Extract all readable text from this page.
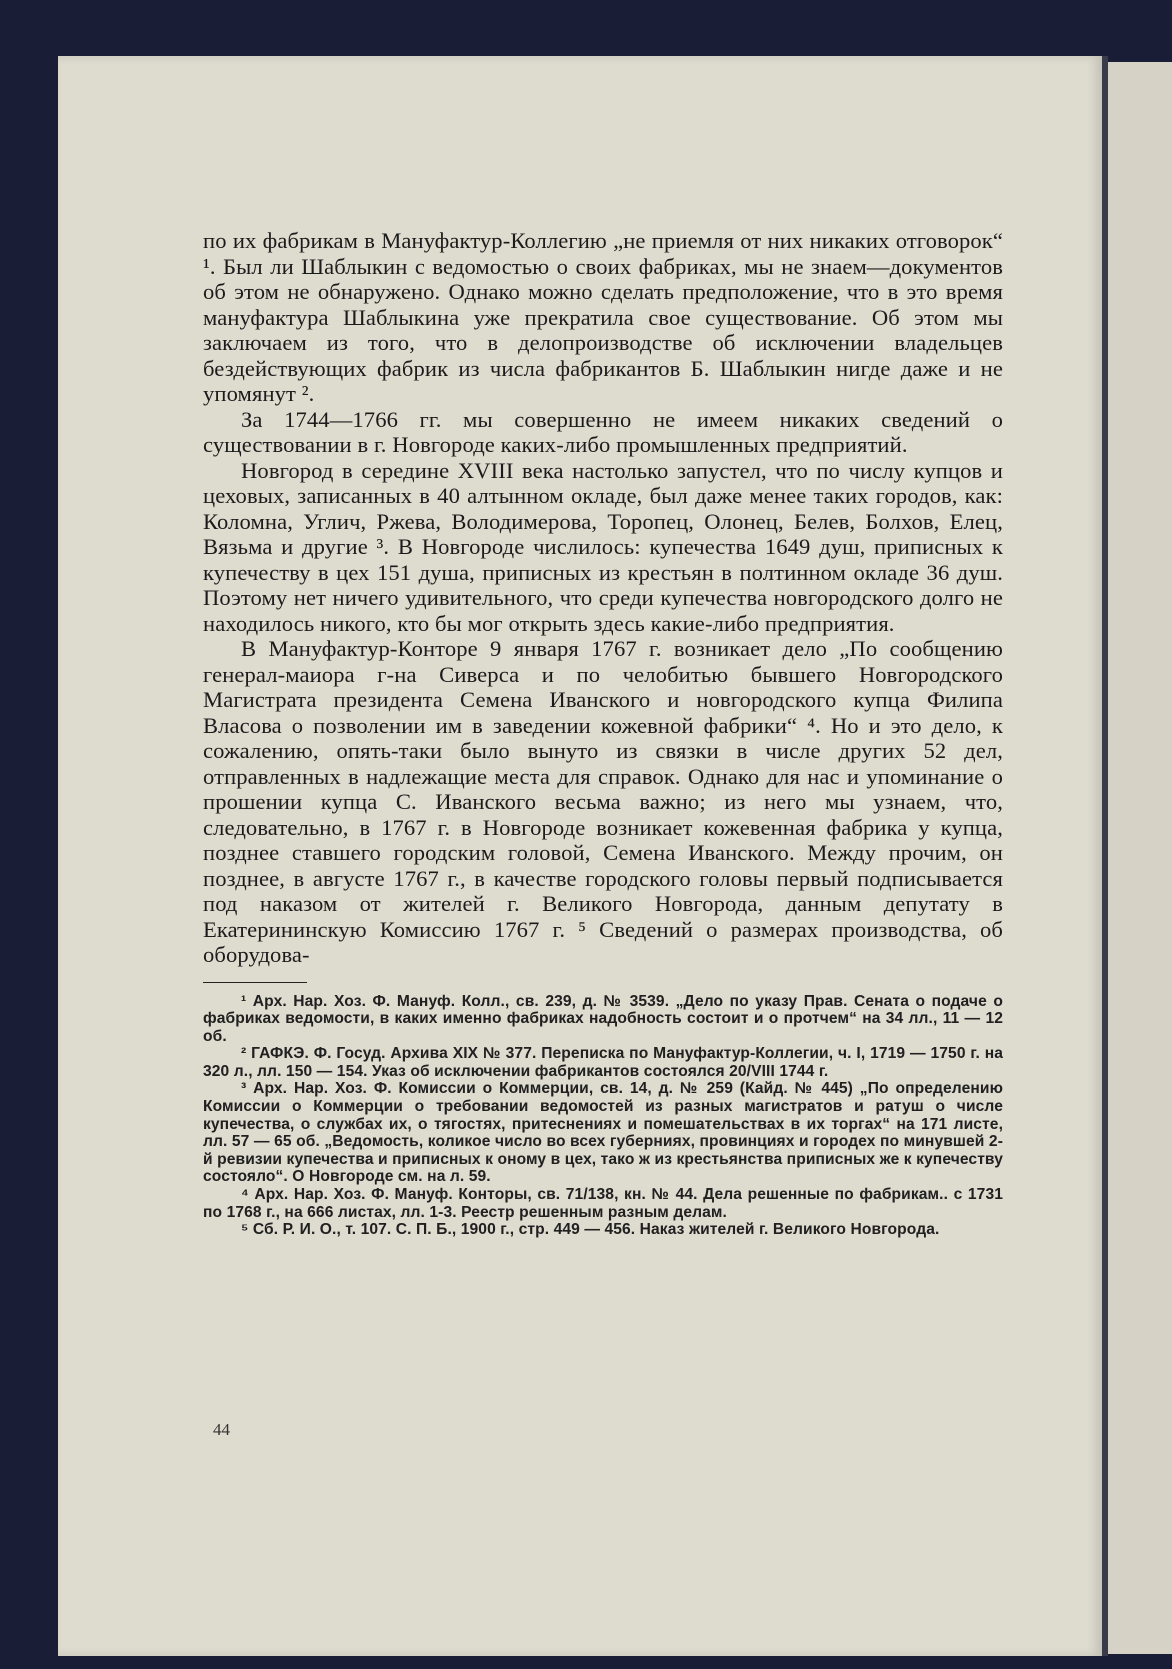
по их фабрикам в Мануфактур-Коллегию „не приемля от них никаких отговорок“ ¹. Был ли Шаблыкин с ведомостью о своих фабриках, мы не знаем—документов об этом не обнаружено. Однако можно сделать предположение, что в это время мануфактура Шаблыкина уже прекратила свое существование. Об этом мы заключаем из того, что в делопроизводстве об исключении владельцев бездействующих фабрик из числа фабрикантов Б. Шаблыкин нигде даже и не упомянут ².

За 1744—1766 гг. мы совершенно не имеем никаких сведений о существовании в г. Новгороде каких-либо промышленных предприятий.

Новгород в середине XVIII века настолько запустел, что по числу купцов и цеховых, записанных в 40 алтынном окладе, был даже менее таких городов, как: Коломна, Углич, Ржева, Володимерова, Торопец, Олонец, Белев, Болхов, Елец, Вязьма и другие ³. В Новгороде числилось: купечества 1649 душ, приписных к купечеству в цех 151 душа, приписных из крестьян в полтинном окладе 36 душ. Поэтому нет ничего удивительного, что среди купечества новгородского долго не находилось никого, кто бы мог открыть здесь какие-либо предприятия.

В Мануфактур-Конторе 9 января 1767 г. возникает дело „По сообщению генерал-маиора г-на Сиверса и по челобитью бывшего Новгородского Магистрата президента Семена Иванского и новгородского купца Филипа Власова о позволении им в заведении кожевной фабрики“ ⁴. Но и это дело, к сожалению, опять-таки было вынуто из связки в числе других 52 дел, отправленных в надлежащие места для справок. Однако для нас и упоминание о прошении купца С. Иванского весьма важно; из него мы узнаем, что, следовательно, в 1767 г. в Новгороде возникает кожевенная фабрика у купца, позднее ставшего городским головой, Семена Иванского. Между прочим, он позднее, в августе 1767 г., в качестве городского головы первый подписывается под наказом от жителей г. Великого Новгорода, данным депутату в Екатерининскую Комиссию 1767 г. ⁵ Сведений о размерах производства, об оборудова-

¹ Арх. Нар. Хоз. Ф. Мануф. Колл., св. 239, д. № 3539. „Дело по указу Прав. Сената о подаче о фабриках ведомости, в каких именно фабриках надобность состоит и о протчем“ на 34 лл., 11 — 12 об.

² ГАФКЭ. Ф. Госуд. Архива XIX № 377. Переписка по Мануфактур-Коллегии, ч. I, 1719 — 1750 г. на 320 л., лл. 150 — 154. Указ об исключении фабрикантов состоялся 20/VIII 1744 г.

³ Арх. Нар. Хоз. Ф. Комиссии о Коммерции, св. 14, д. № 259 (Кайд. № 445) „По определению Комиссии о Коммерции о требовании ведомостей из разных магистратов и ратуш о числе купечества, о службах их, о тягостях, притеснениях и помешательствах в их торгах“ на 171 листе, лл. 57 — 65 об. „Ведомость, коликое число во всех губерниях, провинциях и городех по минувшей 2-й ревизии купечества и приписных к оному в цех, тако ж из крестьянства приписных же к купечеству состояло“. О Новгороде см. на л. 59.

⁴ Арх. Нар. Хоз. Ф. Мануф. Конторы, св. 71/138, кн. № 44. Дела решенные по фабрикам.. с 1731 по 1768 г., на 666 листах, лл. 1-3. Реестр решенным разным делам.

⁵ Сб. Р. И. О., т. 107. С. П. Б., 1900 г., стр. 449 — 456. Наказ жителей г. Великого Новгорода.

44
